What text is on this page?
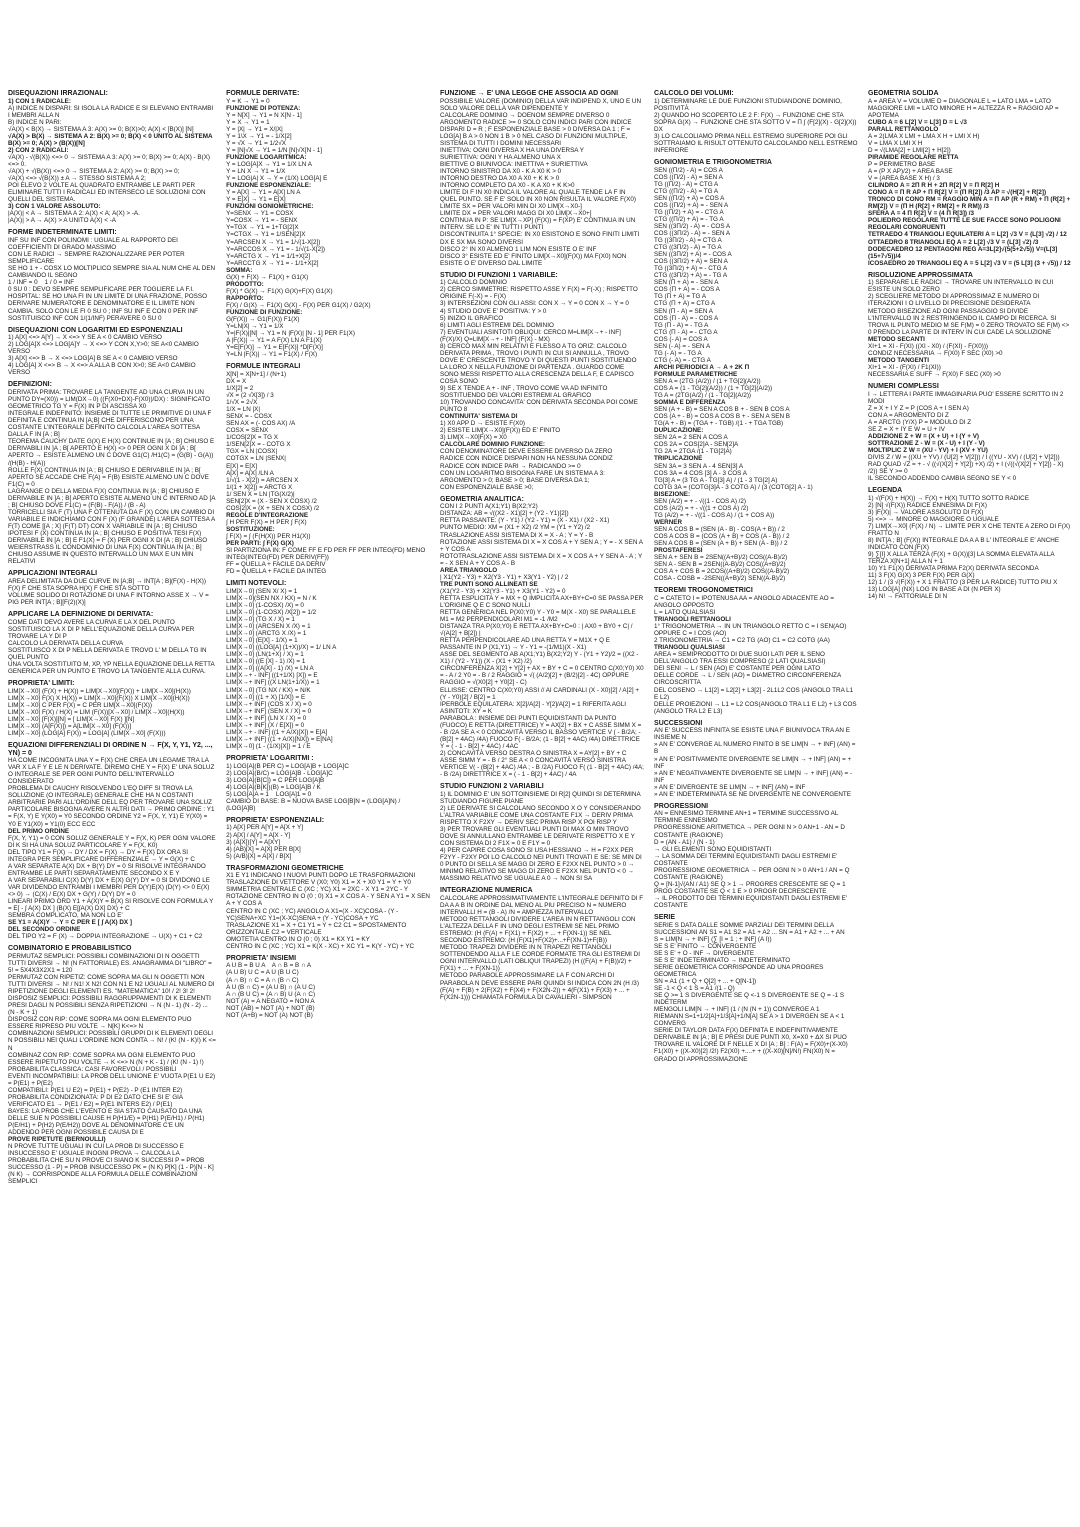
DISEQUAZIONI IRRAZIONALI:
1) CON 1 RADICALE:
A) INDICE N DISPARI: SI ISOLA LA RADICE E SI ELEVANO ENTRAMBI I MEMBRI ALLA N
B) INDICE N PARI:
√A(X) < B(X) → SISTEMA A 3: A(X) >= 0; B(X)>0; A(X) < [B(X)] [N]
√A(X) > B(X) → SISTEMA A 2: B(X) >= 0; B(X) < 0 UNITO AL SISTEMA B(X) >= 0; A(X) > (B(X))[N]
2) CON 2 RADICALI:
√A(X) - √(B(X)) <=> 0 → SISTEMA A 3: A(X) >= 0; B(X) >= 0; A(X) - B(X) <=> 0.
√A(X) + √(B(X)) <=> 0 → SISTEMA A 2: A(X) >= 0; B(X) >= 0;
√A(X) <=> √(B(X)) ± A → STESSO SISTEMA A 2;
POI ELEVO 2 VOLTE AL QUADRATO ENTRAMBE LE PARTI PER ELIMINARE TUTTI I RADICALI ED INTERSECO LE SOLUZIONI CON QUELLI DEL SISTEMA.
3) CON 1 VALORE ASSOLUTO:
|A(X)| < A → SISTEMA A 2: A(X) < A; A(X) > -A.
|A(X)| > A → A(X) > A UNITO A(X) < -A
FORME INDETERMINATE LIMITI:
INF SU INF CON POLINOMI : UGUALE AL RAPPORTO DEI COEFFICIENTI DI GRADO MASSIMO
CON LE RADICI → SEMPRE RAZIONALIZZARE PER POTER SEMPLIFICARE
SE HO 1 + - COSX LO MOLTIPLICO SEMPRE SIA AL NUM CHE AL DEN CAMBIANDO IL SEGNO
1 / INF = 0    1 / 0 = INF
0 SU 0 : DEVO SEMPRE SEMPLIFICARE PER TOGLIERE LA F.I.
HOSPITAL: SE HO UNA FI IN UN LIMITE DI UNA FRAZIONE, POSSO DERIVARE NUMERATORE E DENOMINATORE E IL LIMITE NON CAMBIA. SOLO CON LE FI 0 SU 0 ; INF SU INF E CON 0 PER INF SOSTITUISCO INF CON 1/(1/INF) PERAVERE 0 SU 0
DISEQUAZIONI CON LOGARITMI ED ESPONENZIALI
1) A[X] <=> A[Y] → X <=> Y SE A < 0 CAMBIO VERSO
2) LOG[A]X <=> LOG[A]Y → X <=> Y CON X,Y>0; SE A<0 CAMBIO VERSO
3) A[X] <=> B → X <=> LOG[A] B SE A < 0 CAMBIO VERSO
4) LOG[A] X <=> B → X <=> A ALLA B CON X>0; SE A<0 CAMBIO VERSO
DEFINIZIONI:
DERIVATA PRIMA: TROVARE LA TANGENTE AD UNA CURVA IN UN PUNTO DY=(X0)) = LIM(DX→0) ((F(X0+DX)-F(X0))/DX) : SIGNIFICATO GEOMETRICO TG Y = F(X) IN P DI ASCISSA X0
INTEGRALE INDEFINITO: INSIEME DI TUTTE LE PRIMITIVE DI UNA F DEFINITA E CONTINUA IN [A;B] CHE DIFFERISCONO PER UNA COSTANTE L'INTEGRALE DEFINITO CALCOLA L'AREA SOTTESA DALLA F IN [A ; B]
TEOREMA CAUCHY DATE G(X) E H(X) CONTINUE IN [A ; B] CHIUSO E DERIVABILI IN ]A ; B[ APERTO E H(X) <> 0 PER OGNI X DI ]A ; B[ APERTO → ESISTE ALMENO UN C DOVE G1(C) /H1(C) = (G(B) - G(A)) /(H(B) - H(A))
ROLLE F(X) CONTINUA IN [A ; B] CHIUSO E DERIVABILE IN ]A ; B[ APERTO SE ACCADE CHE F(A) = F(B) ESISTE ALMENO UN C DOVE F1(C) = 0
LAGRANGE O DELLA MEDIA F(X) CONTINUA IN [A ; B] CHIUSO E DERIVABILE IN ]A ; B[ APERTO ESISTE ALMENO UN C INTERNO AD [A ; B] CHIUSO DOVE F1(C) = (F(B) - F(A)) / (B - A)
TORRICELLI SIA F (T) UNA F OTTENUTA DA F (X) CON UN CAMBIO DI VARIABILE E INDICHIAMO CON F (X) (F GRANDE) L'AREA SOTTESA A F(T) COME [[A ; X] (F(T) DT) CON X VARIABILE IN [A ; B] CHIUSO IPOTESI F (X) CONTINUA IN [A ; B] CHIUSO E POSITIVA TESI F(X) DERIVABILE IN [A ; B] E F1(X) = F (X) PER OGNI X DI [A ; B] CHIUSO
WEIERSTRASS IL CONDOMINIO DI UNA F(X) CONTINUA IN [A ; B] CHIUSO ASSUME IN QUESTO INTERVALLO UN MAX E UN MIN RELATIVI
APPLICAZIONI INTEGRALI
AREA DELIMITATA DA DUE CURVE IN [A;B] → INT[A ; B](F(X) - H(X)) F(X) F CHE STA SOPRA H(X) F CHE STA SOTTO
VOLUME SOLIDO DI ROTAZIONE DI UNA F INTORNO ASSE X → V = PIG PER INT[A ; B][F(2)(X)]
APPLICARE LA DEFINIZIONE DI DERIVATA:
COME DATI DEVO AVERE LA CURVA E LA X DEL PUNTO
SOSTITUISCO LA X DI P NELL'EQUAZIONE DELLA CURVA PER TROVARE LA Y DI P
CALCOLO LA DERIVATA DELLA CURVA
SOSTITUISCO X DI P NELLA DERIVATA E TROVO L' M DELLA TG IN QUEL PUNTO
UNA VOLTA SOSTITUITO M, XP, YP NELLA EQUAZIONE DELLA RETTA GENERICA PER UN PUNTO E TROVO LA TANGENTE ALLA CURVA.
PROPRIETA' LIMITI:
LIM[X→X0] (F(X) + H(X)) = LIM[X→X0](F(X)) + LIM[X→X0](H(X))
LIM[X→X0] F(X) X H(X)) = LIM[X→X0](F(X)) X LIM[X→X0](H(X))
LIM[X→X0] C PER F(X) = C PER LIM[X→X0](F(X))
LIM[X→X0] F(X) / H(X) = LIM (F(X))[X→X0] / LIM[X→X0](H(X))
LIM[X→X0] [F(X)][N] = [ LIM[X→X0] F(X) ][N]
LIM[X→X0] (A[F(X)]) = A[LIM[X→X0] (F(X))]
LIM[X→X0] (LOG[A] F(X)) = LOG[A] (LIM[X→X0] (F(X)))
EQUAZIONI DIFFERENZIALI DI ORDINE N → F(X, Y, Y1, Y2, ..., YN) = 0
HA COME INCOGNITA UNA Y = F(X) CHE CREA UN LEGAME TRA LA VAR X LA F Y E LE N DERIVATE. DIREMO CHE Y = F(X) E' UNA SOLUZ O INTEGRALE SE PER OGNI PUNTO DELL'INTERVALLO CONSIDERATO
PROBLEMA DI CAUCHY RISOLVENDO L'EQ DIFF SI TROVA LA SOLUZIONE (O INTEGRALE) GENERALE CHE HA N COSTANTI ARBITRARIE PARI ALL'ORDINE DELL EQ PER TROVARE UNA SOLUZ PARTICOLARE BISOGNA AVERE N ALTRI DATI → PRIMO ORDINE : Y1 = F(X, Y) E Y(X0) = Y0 SECONDO ORDINE Y2 = F(X, Y, Y1) E Y(X0) = Y0 E Y1(X0) = Y1(0) ECC ECC
DEL PRIMO ORDINE
F(X, Y, Y1) = 0 CON SOLUZ GENERALE Y = F(X, K) PER OGNI VALORE DI K SI HA UNA SOLUZ PARTICOLARE Y = F(X, K0)
DEL TIPO Y1 = F(X) → DY / DX = F(X) → DY = F(X) DX ORA SI INTEGRA PER SEMPLIFICARE DIFFERENZIALE → Y = G(X) + C
A VAR SEPARATE A(X) DX + B(Y) DY = 0 SI RISOLVE INTEGRANDO ENTRAMBE LE PARTI SEPARATAMENTE SECONDO X E Y
A VAR SEPARABILI C(X) D(Y) DX + E(X) G(Y) DY = 0 SI DIVIDONO LE VAR DIVIDENDO ENTRAMBI I MEMBRI PER D(Y)E(X) (D(Y) <> 0 E(X) <> 0) → (C(X) / E(X) DX + G(Y) / D(Y) DY = 0
LINEARI PRIMO ORD Y1 + A(X)Y = B(X) SI RISOLVE CON FORMULA Y = E[ - ∫ A(X) DX ] (B(X) E[∫A(X) DX] DX) + C
SEMBRA COMPLICATO, MA NON LO E'
SE Y1 = A(X)Y → Y = C PER E [ ∫ A(X) DX ]
DEL SECONDO ORDINE
DEL TIPO Y2 = F (X) → DOPPIA INTEGRAZIONE → U(X) + C1 + C2
COMBINATORIO E PROBABILISTICO
PERMUTAZ SEMPLICI: POSSIBILI COMBINAZIONI DI N OGGETTI TUTTI DIVERSI → N! (N FATTORIALE) ES. ANAGRAMMA DI "LIBRO" = 5! = 5X4X3X2X1 = 120
PERMUTAZ CON RIPETIZ: COME SOPRA MA GLI N OGGETTI NON TUTTI DIVERSI → N! / N1! X N2! CON N1 E N2 UGUALI AL NUMERO DI RIPETIZIONE DEGLI ELEMENTI ES. "MATEMATICA" 10! / 2! 3! 2!
DISPOSIZ SEMPLICI: POSSIBILI RAGGRUPPAMENTI DI K ELEMENTI PRESI DAGLI N POSSIBILI SENZA RIPETIZIONI → N (N - 1) (N - 2) ... (N - K + 1)
DISPOSIZ CON RIP: COME SOPRA MA OGNI ELEMENTO PUO ESSERE RIPRESO PIU VOLTE → N[K] K<=> N
COMBINAZIONI SEMPLICI: POSSIBILI GRUPPI DI K ELEMENTI DEGLI N POSSIBILI NEI QUALI L'ORDINE NON CONTA → N! / (K! (N - K)!) K <= N
COMBINAZ CON RIP: COME SOPRA MA OGNI ELEMENTO PUO ESSERE RIPETUTO PIU VOLTE → K <=> N (N + K - 1) / (K! (N - 1) !)
PROBABILITA CLASSICA: CASI FAVOREVOLI / POSSIBILI
EVENTI INCOMPATIBILI: LA PROB DELL UNIONE E' VUOTA P(E1 U E2) = P(E1) + P(E2)
COMPATIBILI: P(E1 U E2) = P(E1) + P(E2) - P (E1 INTER E2)
PROBABILITA CONDIZIONATA: P DI E2 DATO CHE SI E' GIA VERIFICATO E1 → P(E1 / E2) = P(E1 INTERS E2) / P(E1)
BAYES: LA PROB CHE L'EVENTO E SIA STATO CAUSATO DA UNA DELLE SUE N POSSIBILI CAUSE H P(H1/E) = P(H1) P(E/H1) / P(H1) P(E/H1) + P(H2) P(E/H2)) DOVE AL DENOMINATORE C'E UN ADDENDO PER OGNI POSSIBILE CAUSA DI E
PROVE RIPETUTE (BERNOULLI)
N PROVE TUTTE UGUALI IN CUI LA PROB DI SUCCESSO E INSUCCESSO E' UGUALE INOGNI PROVA → CALCOLA LA PROBABILITA CHE SU N PROVE CI SIANO K SUCCESSI P = PROB SUCCESSO (1 - P) = PROB INSUCCESSO PK = (N K) P[K] (1 - P)[N - K] (N K) → CORRISPONDE ALLA FORMULA DELLE COMBINAZIONI SEMPLICI
FORMULE DERIVATE:
Y = K → Y1 = 0
FUNZIONE DI POTENZA:
Y = N[X] → Y1 = N X[N - 1]
Y = X → Y1 = 1
Y = |X| → Y1 = X/|X|
Y = 1\X → Y1 = - 1/X[2]
Y = √X → Y1 = 1/2√X
Y = [N]√X → Y1 = 1/N [N]√X[N - 1]
FUNZIONE LOGARITMICA:
Y = LOG[A]X → Y1 = 1/X LN A
Y = LN X → Y1 = 1/X
Y = LOG|A| X → Y = (1/X) LOG[A] E
FUNZIONE ESPONENZIALE:
Y = A[X] → Y1 = A[X] LN A
Y = E[X] → Y1 = E[X]
FUNZIONI GONIOMETRICHE:
Y=SENX → Y1 = COSX
Y=COSX → Y1 = - SENX
Y=TGX → Y1 = 1+TG[2]X
Y=CTGX → Y1 = 1/SEN[2]X
Y=ARCSEN X → Y1 = 1/√(1-X[2])
Y=ARCCOS X → Y1 = - 1/√(1-X[2])
Y=ARCTG X → Y1 = 1/1+X[2]
Y=ARCCTG X → Y1 = - 1/1+X[2]
SOMMA:
G(X) + F(X) → F1(X) + G1(X)
PRODOTTO:
F(X) * G(X) → F1(X) G(X)+F(X) G1(X)
RAPPORTO:
F(X) / G(X) → F1(X) G(X) - F(X) PER G1(X) / G2(X)
FUNZIONE DI FUNZIONE:
G(F(X)) → G1(F(X)) F1(X)
Y=LN|X| → Y1 = 1/X
Y=|F(X)|[N] → Y1 = N |F(X)| [N - 1] PER F1(X)
A |F(X)| → Y1 = A F(X) LN A F1(X)
Y=E[F(X)] → Y1 = E[F(X)] *D[F(X)]
Y=LN |F(X)| → Y1 = F1(X) / F(X)
FORMULE INTEGRALI
X[N] = X[N+1] / (N+1)
DX = X
1/X[2] = 2
√X = (2 √X[3]) / 3
1/√X = 2√X
1/X = LN |X|
SENX = - COSX
SEN AX = (- COS AX) /A
COSX = SENX
1/COS[2]X = TG X
1/SEN[2]X = - COTG X
TGX = LN |COSX|
COTGX = LN |SENX|
E[X] = E[X]
A[X] = A[X] /LN A
1/√(1 - X[2]) = ARCSEN X
1/(1 + X[2]) = ARCTG X
1/ SEN X = LN |TG(X/2)|
SEN[2]X = (X - SEN X COSX) /2
COS[2]X = (X + SEN X COSX) /2
REGOLE D'INTEGRAZIONE
∫ H PER F(X) = H PER ∫ F(X)
SOSTITUZIONE:
∫ F(X) = ∫ (F(H(X)) PER H1(X))
PER PARTI: ∫ F(X) G(X)
SI PARTIZIONA IN: F COME FF E FD PER FF PER INTEG(FD) MENO INTEG(INTEG(FD) PER DERIV(FF))
FF = QUELLA + FACILE DA DERIV
FD = QUELLA + FACILE DA INTEG
LIMITI NOTEVOLI:
LIM[X→0] (SEN X/ X) = 1
LIM[X→0](SEN NX / KX) = N / K
LIM[X→0] (1-COSX) /X) = 0
LIM[X→0] (1-COSX) /X[2]) = 1/2
LIM[X→0] (TG X / X) = 1
LIM[X→0] (ARCSEN X /X) = 1
LIM[X→0] (ARCTG X /X) = 1
LIM[X→0] (E[X] - 1/X) = 1
LIM[X→0] ((LOG[A] (1+X))/X) = 1/ LN A
LIM[X→0] (LN(1+X) / X) = 1
LIM[X→0] ((E [X] - 1) /X) = 1
LIM[X→0] ((A[X] - 1) /X) = LN A
LIM[X→+ - INF] ((1+1/X) [X]) = E
LIM[X→+ INF] ((X LN(1+1/X)) = 1
LIM[X→0] (TG NX / KX) = N/K
LIM[X→0] ((1 + X) [1/X]) = E
LIM[X→+ INF] (COS X / X) = 0
LIM[X→+ INF] (SEN X / X) = 0
LIM[X→+ INF] (LN X / X) = 0
LIM[X→+ INF] (X / E[X]) = 0
LIM[X→+ - INF] ((1 + A/X)[X]) = E[A]
LIM[X→+ INF] ((1 + A/X)[NX]) = E[NA]
LIM[X→0] (1 - (1/X)[X]) = 1 / E
PROPRIETA' LOGARITMI :
1) LOG[A](B PER C) = LOG[A]B + LOG[A]C
2) LOG[A](B/C) = LOG[A]B - LOG[A]C
3) LOG[A](B[C]) = C PER LOG[A]B
4) LOG[A](B[K])(B) = LOG[A]B / K
5) LOG[A]A = 1    LOG[A]1 = 0
CAMBIO DI BASE: B = NUOVA BASE LOG[B]N = (LOG[A]N) / (LOG[A]B)
PROPRIETA' ESPONENZIALI:
1) A[X] PER A[Y] = A[X + Y]
2) A[X] / A[Y] = A[X - Y]
3) (A[X])[Y] = A[XY]
4) (AB)[X] = A[X] PER B[X]
5) (A/B)[X] = A[X] / B[X]
TRASFORMAZIONI GEOMETRICHE
X1 E Y1 INDICANO I NUOVI PUNTI DOPO LE TRASFORMAZIONI
TRASLAZIONE DI VETTORE V (X0; Y0) X1 = X + X0 Y1 = Y + Y0
SIMMETRIA CENTRALE C (XC ; YC) X1 = 2XC - X Y1 = 2YC - Y
ROTAZIONE CENTRO IN O (0 ; 0) X1 = X COS A - Y SEN A Y1 = X SEN A + Y COS A
CENTRO IN C (XC ; YC) ANGOLO A X1=(X - XC)COSA - (Y - YC)SENA+XC Y1=(X-XC)SENA + (Y - YC)COSA + YC
TRASLAZIONE X1 = X + C1 Y1 = Y + C2 C1 = SPOSTAMENTO ORIZZONTALE C2 = VERTICALE
OMOTETIA CENTRO IN O (0 ; 0) X1 = KX Y1 = KY
CENTRO IN C (XC ; YC) X1 = K(X - XC) + XC Y1 = K(Y - YC) + YC
PROPRIETA' INSIEMI
A U B = B U A    A ∩ B = B ∩ A
(A U B) U C = A U (B U C)
(A ∩ B) ∩ C = A ∩ (B ∩ C)
A U (B ∩ C) = (A U B) ∩ (A U C)
A ∩ (B U C) = (A ∩ B) U (A ∩ C)
NOT (A) = A NEGATO = NON A
NOT (AB) = NOT (A) + NOT (B)
NOT (A+B) = NOT (A) NOT (B)
FUNZIONE → E' UNA LEGGE CHE ASSOCIA AD OGNI
POSSIBILE VALORE (DOMINIO) DELLA VAR INDIPEND X, UNO E UN SOLO VALORE DELLA VAR DIPENDENTE Y
CALCOLARE DOMINIO → DOENOM SEMPRE DIVERSO 0 ARGOMENTO RADICE >= 0 SOLO CON INDICI PARI CON INDICE DISPARI D = R ; F ESPONENZIALE BASE > 0 DIVERSA DA 1 ; F = LOG[A] B A > 0 NON 1 B > 0 NEL CASO DI FUNZIONI MULTIPLE, SISTEMA DI TUTTI I DOMINI NECESSARI
INIETTIVA: OGNI DIVERSA X HA UNA DIVERSA Y
SURIETTIVA: OGNI Y HA ALMENO UNA X
BIETTIVE O BIUNIVOCA: INIETTIVA + SURIETTIVA
INTORNO SINISTRO DA X0 - K A X0 K > 0
INTORNO DESTRO DA X0 A X0 + K K > 0
INTORNO COMPLETO DA X0 - K A X0 + K K>0
LIMITE DI F IN X0 INDICA IL VALORE AL QUALE TENDE LA F IN QUEL PUNTO. SE F E' SOLO IN X0 NON RISULTA IL VALORE F(X0)
LIMITE SX = PER VALORI MIN DI X0 LIM[X→X0-]
LIMITE DX = PER VALORI MAGG DI X0 LIM[X→X0+]
CONTINUA IN P: SE LIM[X→XP] (F(X)) = F(XP) E' CONTINUA IN UN INTERV. SE LO E' IN TUTTI I PUNTI
DISCONTINUITA 1° SPECIE: IN X0 ESISTONO E SONO FINITI LIMITI DX E SX MA SONO DIVERSI
DISCO 2° IN X0 ALMENO 1 LIM NON ESISTE O E' INF
DISCO 3° ESISTE ED E' FINITO LIM[X→X0](F(X)) MA F(X0) NON ESISTE O E' DIVERSO DAL LIMITE
STUDIO DI FUNZIONI 1 VARIABILE:
1) CALCOLO DOMINIO
2) CERCO SIMMETRIE: RISPETTO ASSE Y F(X) = F(-X) ; RISPETTO ORIGINE F(-X) = - F(X)
3) INTERSEZIONI CON GLI ASSI: CON X → Y = 0 CON X → Y = 0
4) STUDIO DOVE E' POSITIVA: Y > 0
5) INIZIO IL GRAFICO
6) LIMITI AGLI ESTREMI DEL DOMINIO
7) EVENTUALI ASINTOTI OBLIQUI: CERCO M=LIM[X→+ - INF] (F(X)/X) Q=LIM[X→+ - INF] (F(X) - MX)
8) CERCO MAX MIN RELATIVI E FLESSO A TG ORIZ: CALCOLO DERIVATA PRIMA , TROVO I PUNTI IN CUI SI ANNULLA , TROVO DOVE E' CRESCENTE TROVO Y DI QUESTI PUNTI SOSTITUENDO LA LORO X NELLA FUNZIONE DI PARTENZA . GUARDO COME SONO MESSI RISPETTO ALLA CRESCENZA DELLA F, E CAPISCO COSA SONO
9) SE X TENDE A + - INF , TROVO COME VA AD INFINITO SOSTITUENDO DEI VALORI ESTREMI AL GRAFICO
10) TROVANDO CONCAVITA' CON DERIVATA SECONDA POI COME PUNTO 8
CONTINUITA' SISTEMA DI
1) X0 APP D → ESISTE F(X0)
2) ESISTE LIM[X→X0](F(X)) ED E' FINITO
3) LIM[X→X0]F(X) = X0
CALCOLARE DOMINIO FUNZIONE:
CON DENOMINATORE DEVE ESSERE DIVERSO DA ZERO
RADICE CON INDICE DISPARI NON HA NESSUNA CONDIZ
RADICE CON INDICE PARI → RADICANDO >= 0
CON UN LOGARITMO BISOGNA FARE UN SISTEMA A 3: ARGOMENTO > 0; BASE > 0; BASE DIVERSA DA 1;
CON ESPONENZIALE BASE >0;
GEOMETRIA ANALITICA:
CON I 2 PUNTI A(X1;Y1) B(X2;Y2)
DISTANZA: AB = √((X2 - X1)[2] + (Y2 - Y1)[2])
RETTA PASSANTE: (Y - Y1) / (Y2 - Y1) = (X - X1) / (X2 - X1)
PUNTO MEDIO: XM = (X1 + X2) /2 YM = (Y1 + Y2) /2
TRASLAZIONE ASSI SISTEMA DI X = X - A ; Y = Y - B
ROTAZIONE ASSI SISTEMA DI X = X COS A + Y SEN A ; Y = - X SEN A + Y COS A
ROTOTRASLAZIONE ASSI SISTEMA DI X = X COS A + Y SEN A - A ; Y = - X SEN A + Y COS A - B
AREA TRIANGOLO
| X1(Y2 - Y3) + X2(Y3 - Y1) + X3(Y1 - Y2) | / 2
TRE PUNTI SONO ALLINEATI SE
(X1(Y2 - Y3) + X2(Y3 - Y1) + X3(Y1 - Y2) = 0
RETTA ESPLICITA Y = MX + Q IMPLICITA AX+BY+C=0 SE PASSA PER L'ORIGINE Q E C SONO NULLI
RETTA GENERICA NEL P(X0;Y0) Y - Y0 = M(X - X0) SE PARALLELE M1 = M2 PERPENDICOLARI M1 = -1 /M2
DISTANZA TRA P(X0;Y0) E RETTA AX+BY+C=0 : | AX0 + BY0 + C| / √(A[2] + B[2]) |
RETTA PERPENDICOLARE AD UNA RETTA Y = M1X + Q E PASSANTE IN P (X1,Y1) → Y - Y1 = -(1/M1)(X - X1)
ASSE DEL SEGMENTO AB A(X1;Y1) B(X2;Y2) Y - (Y1 + Y2)/2 = ((X2 - X1) / (Y2 - Y1)) (X - (X1 + X2) /2)
CIRCONFERENZA X[2] + Y[2] + AX + BY + C = 0 CENTRO C(X0;Y0) X0 = - A / 2 Y0 = - B / 2 RAGGIO = √( (A/2)[2] + (B/2)[2] - 4C) OPPURE RAGGIO = √(X0[2] + Y0[2] - C)
ELLISSE: CENTRO C(X0;Y0) ASSI // AI CARDINALI (X - X0)[2] / A[2] + (Y - Y0)[2] / B[2] = 1
IPERBOLE EQUILATERA: X[2]/A[2] - Y[2]/A[2] = 1 RIFERITA AGLI ASINTOTI: XY = K
PARABOLA : INSIEME DEI PUNTI EQUIDISTANTI DA PUNTO (FUOCO) E RETTA (DIRETTRICE) Y = AX[2] + BX + C ASSE SIMM X = - B /2A SE A < 0 CONCAVITÀ VERSO IL BASSO VERTICE V ( - B/2A; - (B[2] + 4AC) /4A) FUOCO F( - B/2A; (1 - B[2] + 4AC) /4A) DIRETTRICE Y = ( - 1 - B[2] + 4AC) / 4AC
2) CONCAVITÀ VERSO DESTRA O SINISTRA X = AY[2] + BY + C ASSE SIMM Y = - B / 2° SE A < 0 CONCAVITÀ VERSO SINISTRA VERTICE V( - (B[2] + 4AC) /4A ; - B /2A) FUOCO F( (1 - B[2] + 4AC) /4A; - B /2A) DIRETTRICE X = ( - 1 - B[2] + 4AC) / 4A
STUDIO FUNZIONI 2 VARIABILI
1) IL DOMINIO E' UN SOTTOINSIEME DI R[2] QUINDI SI DETERMINA STUDIANDO FIGURE PIANE
2) LE DERIVATE SI CALCOLANO SECONDO X O Y CONSIDERANDO L'ALTRA VARIABILE COME UNA COSTANTE F1X → DERIV PRIMA RISPETTO X F2XY → DERIV SEC PRIMA RISP X POI RISP Y
3) PER TROVARE GLI EVENTUALI PUNTI DI MAX O MIN TROVO DOVE SI ANNULLANO ENTRAMBE LE DERIVATE RISPETTO X E Y CON SISTEMA DI 2 F1X = 0 E F1Y = 0
4) PER CAPIRE COSA SONO SI USA HESSIANO → H = F2XX PER F2YY - F2XY POI LO CALCOLO NEI PUNTI TROVATI E SE: SE MIN DI 0 PUNTO DI SELLA SE MAGG DI ZERO E F2XX NEL PUNTO > 0 → MINIMO RELATIVO SE MAGG DI ZERO E F2XX NEL PUNTO < 0 → MASSIMO RELATIVO SE UGUALE A 0 → NON SI SA
INTEGRAZIONE NUMERICA
CALCOLARE APPROSSIMATIVAMENTE L'INTEGRALE DEFINITO DI F DA A A B IN ORDINE DAL MENO AL PIU PRECISO N = NUMERO INTERVALLI H = (B - A) /N = AMPIEZZA INTERVALLO
METODO RETTANGOLI DIVIDERE L'AREA IN N RETTANGOLI CON L'ALTEZZA DELLA F IN UNO DEGLI ESTREMI SE NEL PRIMO ESTREMO: (H (F(A) + F(X1) + F(X2) + ... + F(XN-1)) SE NEL SECONDO ESTREMO: (H (F(X1)+F(X2)+...+F(XN-1)+F(B))
METODO TRAPEZI DIVIDERE IN N TRAPEZI RETTANGOLI SOTTENDENDO ALLA F LE CORDE FORMATE TRA GLI ESTREMI DI OGNI INTERVALLO (LATI OBLIQUI TRAPEZI) (H ((F(A) + F(B))/2) + F(X1) + ... + F(XN-1))
METODO PARABOLE APPROSSIMARE LA F CON ARCHI DI PARABOLA N DEVE ESSERE PARI QUINDI SI INDICA CON 2N (H /3)(F(A) + F(B) + 2(F(X2) + F(X4) + F(X2N-2)) + 4(F(X1) + F(X3) + ... + F(X2N-1))) CHIAMATA FORMULA DI CAVALIERI - SIMPSON
CALCOLO DEI VOLUMI:
1) DETERMINARE LE DUE FUNZIONI STUDIANDONE DOMINIO, POSITIVITÀ
2) QUANDO HO SCOPERTO LE 2 F: F(X) → FUNZIONE CHE STA SOPRA G(X) → FUNZIONE CHE STA SOTTO V = Π ∫ (F[2](X) - G[2](X)) DX
3) LO CALCOLIAMO PRIMA NELL ESTREMO SUPERIORE POI GLI SOTTRAIAMO IL RISULT OTTENUTO CALCOLANDO NELL ESTREMO INFERIORE
GONIOMETRIA E TRIGONOMETRIA
SEN ((Π/2) - A) = COS A
COS ((Π/2) - A) = SEN A
TG ((Π/2) - A) = CTG A
CTG ((Π/2) - A) = TG A
SEN ((Π/2) + A) = COS A
COS ((Π/2) + A) = - SEN A
TG ((Π/2) + A) = - CTG A
CTG ((Π/2) + A) = - TG A
SEN ((3Π/2) - A) = - COS A
COS ((3Π/2) - A) = - SEN A
TG ((3Π/2) - A) = CTG A
CTG ((3Π/2) - A) = TG A
SEN ((3Π/2) + A) = - COS A
COS ((3Π/2) + A) = SEN A
TG ((3Π/2) + A) = - CTG A
CTG ((3Π/2) + A) = - TG A
SEN (Π + A) = - SEN A
COS (Π + A) = - COS A
TG (Π + A) = TG A
CTG (Π + A) = CTG A
SEN (Π - A) = SEN A
COS (Π - A) = - COS A
TG (Π - A) = - TG A
CTG (Π - A) = - CTG A
COS (- A) = COS A
SEN (- A) = - SEN A
TG (- A) = - TG A
CTG (- A) = - CTG A
ARCHI PERIODICI A → A + 2K Π
FORMULE PARAMETRICHE
SEN A = (2TG (A/2)) / (1 + TG[2](A/2))
COS A = (1 - TG[2](A/2)) / (1 + TG[2](A/2))
TG A = (2TG(A/2) / (1 - TG[2](A/2))
SOMMA E DIFFERENZA
SEN (A + - B) = SEN A COS B + - SEN B COS A
COS (A + - B) = COS A COS B + - SEN A SEN B
TG(A + - B) = (TGA + - TGB) /(1 - + TGA TGB)
DUPLICAZIONE:
SEN 2A = 2 SEN A COS A
COS 2A = COS[2]A - SEN[2]A
TG 2A = 2TGA /(1 - TG[2]A)
TRIPLICAZIONE
SEN 3A = 3 SEN A - 4 SEN[3] A
COS 3A = 4 COS [3] A - 3 COS A
TG[3] A = (3 TG A - TG[3] A) / (1 - 3 TG[2] A)
COTG 3A = (COTG[3]A - 3 COTG A) / (3 (COTG[2] A - 1)
BISEZIONE:
SEN (A/2) = + - √((1 - COS A) /2)
COS (A/2) = + - √((1 + COS A) /2)
TG (A/2) = + - √((1 - COS A) / (1 + COS A))
WERNER
SEN A COS B = (SEN (A - B) - COS(A + B)) / 2
COS A COS B = (COS (A + B) + COS (A - B)) / 2
SEN A COS B = (SEN (A + B) + SEN (A - B)) / 2
PROSTAFERESI
SEN A + SEN B = 2SEN((A+B)/2) COS((A-B)/2)
SEN A - SEN B = 2SEN((A-B)/2) COS((A+B)/2)
COS A + COS B = 2COS((A+B)/2) COS((A-B)/2)
COSA - COSB = -2SEN((A+B)/2) SEN((A-B)/2)
TEOREMI TROGONOMETRICI
C = CATETO I = IPOTENUSA AA = ANGOLO ADIACENTE AO = ANGOLO OPPOSTO
L = LATO QUALSIASI
TRIANGOLI RETTANGOLI
1° TRIGONOMETRIA → IN UN TRIANGOLO RETTO C = I SEN(AO) OPPURE C = I COS (AO)
2 TRIGONOMETRIA → C1 = C2 TG (AO) C1 = C2 COTG (AA)
TRIANGOLI QUALSIASI
AREA = SEMIPRODOTTO DI DUE SUOI LATI PER IL SENO DELL'ANGOLO TRA ESSI COMPRESO (2 LATI QUALSIASI)
DEI SENI → L / SEN (AO) E' COSTANTE PER OGNI LATO
DELLE CORDE → L / SEN (AO) = DIAMETRO CIRCONFERENZA CIRCOSCRITTA
DEL COSENO → L1[2] = L2[2] + L3[2] - 2L1L2 COS (ANGOLO TRA L1 E L2)
DELLE PROIEZIONI → L1 = L2 COS(ANGOLO TRA L1 E L2) + L3 COS (ANGOLO TRA L2 E L3)
SUCCESSIONI
AN E' SUCCESS INFINITA SE ESISTE UNA F BIUNIVOCA TRA AN E INSIEME N
» AN E' CONVERGE AL NUMERO FINITO B SE LIM[N → + INF] (AN) = B
» AN E' POSITIVAMENTE DIVERGENTE SE LIM[N → + INF] (AN) = + INF
» AN E' NEGATIVAMENTE DIVERGENTE SE LIM[N → + INF] (AN) = - INF
» AN E' DIVERGENTE SE LIM[N → + INF] (AN) = INF
» AN E' INDETERMINATA SE NE DIVERGENTE NE CONVERGENTE
PROGRESSIONI
AN = ENNESIMO TERMINE AN+1 = TERMINE SUCCESSIVO AL TERMINE ENNESIMO
PROGRESSIONE ARITMETICA → PER OGNI N > 0 AN+1 - AN = D COSTANTE (RAGIONE)
D = (AN - A1) / (N - 1)
→ GLI ELEMENTI SONO EQUIDISTANTI
→ LA SOMMA DEI TERMINI EQUIDISTANTI DAGLI ESTREMI E' COSTANTE
PROGRESSIONE GEOMETRICA → PER OGNI N > 0 AN+1 / AN = Q COSTANTE (RAGIONE)
Q = [N-1]√(AN / A1) SE Q > 1 → PROGRES CRESCENTE SE Q = 1 PROG COSTANTE SE Q < 1 E > 0 PROGR DECRESCENTE
→ IL PRODOTTO DEI TERMINI EQUIDISTANTI DAGLI ESTREMI E' COSTANTE
SERIE
SERIE S DATA DALLE SOMME PARZIALI DEI TERMINI DELLA SUCCESSIONI AN S1 = A1 S2 = A1 + A2 ... SN = A1 + A2 + ... + AN
S = LIM[N → + INF] (∑ [I = 1 ; + INF] (A I))
SE S E' FINITO → CONVERGENTE
SE S E' + O - INF → DIVERGENTE
SE S E' INDETERMINATO → INDETERMINATO
SERIE GEOMETRICA CORRISPONDE AD UNA PROGRES GEOMETRICA
SN = A1 (1 + Q + Q[2] + ... + Q[N-1])
SE -1 < Q < 1 S = A1 /(1 - Q)
SE Q >= 1 S DIVERGENTE SE Q <-1 S DIVERGENTE SE Q = -1 S INDETERM
MENGOLI LIM[N → + INF] (1 / (N (N + 1)) CONVERGE A 1
RIEMANN S=1+1/2[A]+1/3[A]+1/N[A] SE A > 1 DIVERGEN SE A < 1 CONVERG
SERIE DI TAYLOR DATA F(X) DEFINITA E INDEFINITIVAMENTE DERIVABILE IN [A ; B] E PRESI DUE PUNTI X0, X=X0 + ΔX SI PUO TROVARE IL VALORE DI F NELLE X DI [A ; B] : F(A) = F(X0)+(X-X0) F1(X0) + ((X-X0)[2] /2!) F2(X0) +....+ + ((X-X0)[N]/N!) FN(X0) N = GRADO DI APPROSSIMAZIONE
GEOMETRIA SOLIDA
A = AREA V = VOLUME D = DIAGONALE L = LATO LMA = LATO MAGGIORE LMI = LATO MINORE H = ALTEZZA R = RAGGIO AP = APOTEMA
CUBO A = 6 L[2] V = L[3] D = L √3
PARALL RETTANGOLO
A = 2(LMA X LMI + LMA X H + LMI X H)
V = LMA X LMI X H
D = √(LMA[2] + LMI[2] + H[2])
PIRAMIDE REGOLARE RETTA
P = PERIMETRO BASE
A = (P X AP)/2) + AREA BASE
V = (AREA BASE X H) / 3
CILINDRO A = 2Π R H + 2Π R[2] V = Π R[2] H
CONO A = Π R AP + Π R[2] V = (Π R[2]) /3 AP = √(H[2] + R[2])
TRONCO DI CONO RM = RAGGIO MIN A = Π AP (R + RM) + Π (R[2] + RM[2]) V = (Π H (R[2] + RM[2] + R RM)) /3
SFERA A = 4 Π R[2] V = (4 Π R[3]) /3
POLIEDRO REGOLARE TUTTE LE SUE FACCE SONO POLIGONI REGOLARI CONGRUENTI
TETRAEDO 4 TRIANGOLI EQUILATERI A = L[2] √3 V = (L[3] √2) / 12
OTTAEDRO 8 TRIANGOLI EQ A = 2 L[2] √3 V = (L[3] √2) /3
DODECAEDRO 12 PENTAGONI REG A=3L[2]√(5(5+2√5)) V=(L[3](15+7√5))/4
ICOSAEDRO 20 TRIANGOLI EQ A = 5 L[2] √3 V = (5 L[3] (3 + √5)) / 12
RISOLUZIONE APPROSSIMATA
1) SEPARARE LE RADICI → TROVARE UN INTERVALLO IN CUI ESISTE UN SOLO ZERO
2) SCEGLIERE METODO DI APPROSSIMAZ E NUMERO DI ITERAZIONI I O LIVELLO DI PRECISIONE DESIDERATA
METODO BISEZIONE AD OGNI PASSAGGIO SI DIVIDE L'INTERVALLO IN 2 RESTRINGENDO IL CAMPO DI RICERCA. SI TROVA IL PUNTO MEDIO M SE F(M) = 0 ZERO TROVATO SE F(M) <> 0 PRENDO LA PARTE DI INTERV IN CUI CADE LA SOLUZIONE
METODO SECANTI
XI+1 = XI - F(XI) ((XI - X0) / (F(XI) - F(X0)))
CONDIZ NECESSARIA → F(X0) F SEC (X0) >0
METODO TANGENTI
XI+1 = XI - (F(XI) / F1(XI))
NECESSARIA E SUFF → F(X0) F SEC (X0) >0
NUMERI COMPLESSI
I → LETTERA I PARTE IMMAGINARIA PUO' ESSERE SCRITTO IN 2 MODI
Z = X + I Y Z = P (COS A + I SEN A)
CON A = ARGOMENTO DI Z
A = ARCTG (Y/X) P = MODULO DI Z
SE Z = X + IY E W = U + IV
ADDIZIONE Z + W = (X + U) + I (Y + V)
SOTTRAZIONE Z - W = (X - U) + I (Y - V)
MOLTIPLIC Z W = (XU - YV) + I (XV + YU)
DIVIS Z / W = ((XU + YV) / (U[2] + V[2])) / I ((YU - XV) / (U[2] + V[2]))
RAD QUAD √Z = + - √ ((√(X[2] + Y[2]) +X) /2) + I (√((√(X[2] + Y[2]) - X) /2)) SE Y >= 0
IL SECONDO ADDENDO CAMBIA SEGNO SE Y < 0
LEGENDA
1) √(F(X) + H(X)) → F(X) + H(X) TUTTO SOTTO RADICE
2) [N] √(F(X)) RADICE ENNESIMA DI F(X)
3) |F(X)| → VALORE ASSOLUTO DI F(X)
5) <=> → MINORE O MAGGIORE O UGUALE
7) LIM[X→X0] (F(X) / N) → LIMITE PER X CHE TENTE A ZERO DI F(X) FRATTO N
8) INT[A ; B] (F(X)) INTEGRALE DA A A B L' INTEGRALE E' ANCHE INDICATO CON ∫F(X)
9) ∑[I] X ALLA TERZA (F(X) + G(X))[3] LA SOMMA ELEVATA ALLA TERZA X[N+1] ALLA N + 1
10) Y1 F1(X) DERIVATA PRIMA F2(X) DERIVATA SECONDA
11) 3 F(X) G(X) 3 PER F(X) PER G(X)
12) 1 / (3 √(F(X)) + X 1 FRATTO (3 PER LA RADICE) TUTTO PIU X
13) LOG[A] (NX) LOG IN BASE A DI (N PER X)
14) N! → FATTORIALE DI N
